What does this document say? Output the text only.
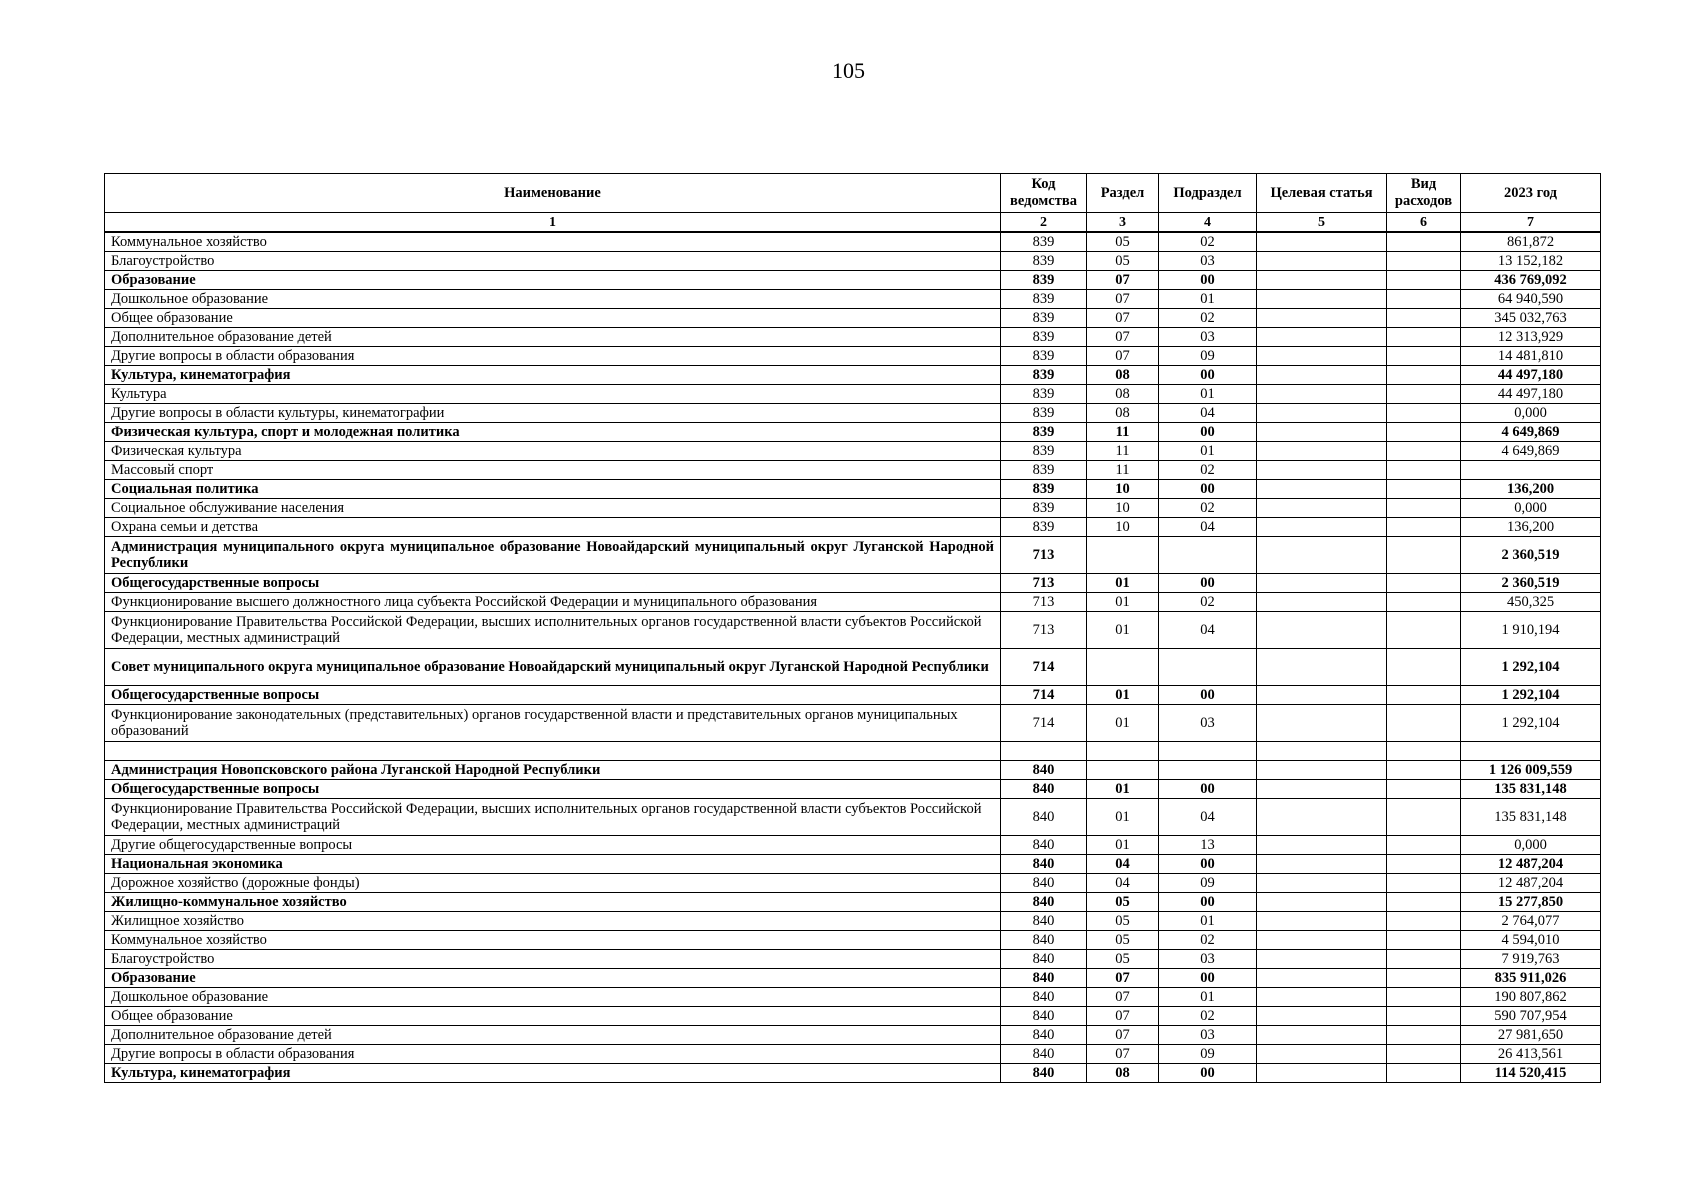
105
Наименование	Код ведомства	Раздел	Подраздел	Целевая статья	Вид расходов	2023 год
1	2	3	4	5	6	7
Коммунальное хозяйство	839	05	02			861,872
Благоустройство	839	05	03			13 152,182
Образование	839	07	00			436 769,092
Дошкольное образование	839	07	01			64 940,590
Общее образование	839	07	02			345 032,763
Дополнительное образование детей	839	07	03			12 313,929
Другие вопросы в области образования	839	07	09			14 481,810
Культура, кинематография	839	08	00			44 497,180
Культура	839	08	01			44 497,180
Другие вопросы в области культуры, кинематографии	839	08	04			0,000
Физическая культура, спорт и молодежная политика	839	11	00			4 649,869
Физическая культура	839	11	01			4 649,869
Массовый спорт	839	11	02			
Социальная политика	839	10	00			136,200
Социальное обслуживание населения	839	10	02			0,000
Охрана семьи и детства	839	10	04			136,200
Администрация муниципального округа муниципальное образование Новоайдарский муниципальный округ Луганской Народной Республики	713					2 360,519
Общегосударственные вопросы	713	01	00			2 360,519
Функционирование высшего должностного лица субъекта Российской Федерации и муниципального образования	713	01	02			450,325
Функционирование Правительства Российской Федерации, высших исполнительных органов государственной власти субъектов Российской Федерации, местных администраций	713	01	04			1 910,194
Совет муниципального округа муниципальное образование Новоайдарский муниципальный округ Луганской Народной Республики	714					1 292,104
Общегосударственные вопросы	714	01	00			1 292,104
Функционирование законодательных (представительных) органов государственной власти и представительных органов муниципальных образований	714	01	03			1 292,104

Администрация Новопсковского района Луганской Народной Республики	840					1 126 009,559
Общегосударственные вопросы	840	01	00			135 831,148
Функционирование Правительства Российской Федерации, высших исполнительных органов государственной власти субъектов Российской Федерации, местных администраций	840	01	04			135 831,148
Другие общегосударственные вопросы	840	01	13			0,000
Национальная экономика	840	04	00			12 487,204
Дорожное хозяйство (дорожные фонды)	840	04	09			12 487,204
Жилищно-коммунальное хозяйство	840	05	00			15 277,850
Жилищное хозяйство	840	05	01			2 764,077
Коммунальное хозяйство	840	05	02			4 594,010
Благоустройство	840	05	03			7 919,763
Образование	840	07	00			835 911,026
Дошкольное образование	840	07	01			190 807,862
Общее образование	840	07	02			590 707,954
Дополнительное образование детей	840	07	03			27 981,650
Другие вопросы в области образования	840	07	09			26 413,561
Культура, кинематография	840	08	00			114 520,415
